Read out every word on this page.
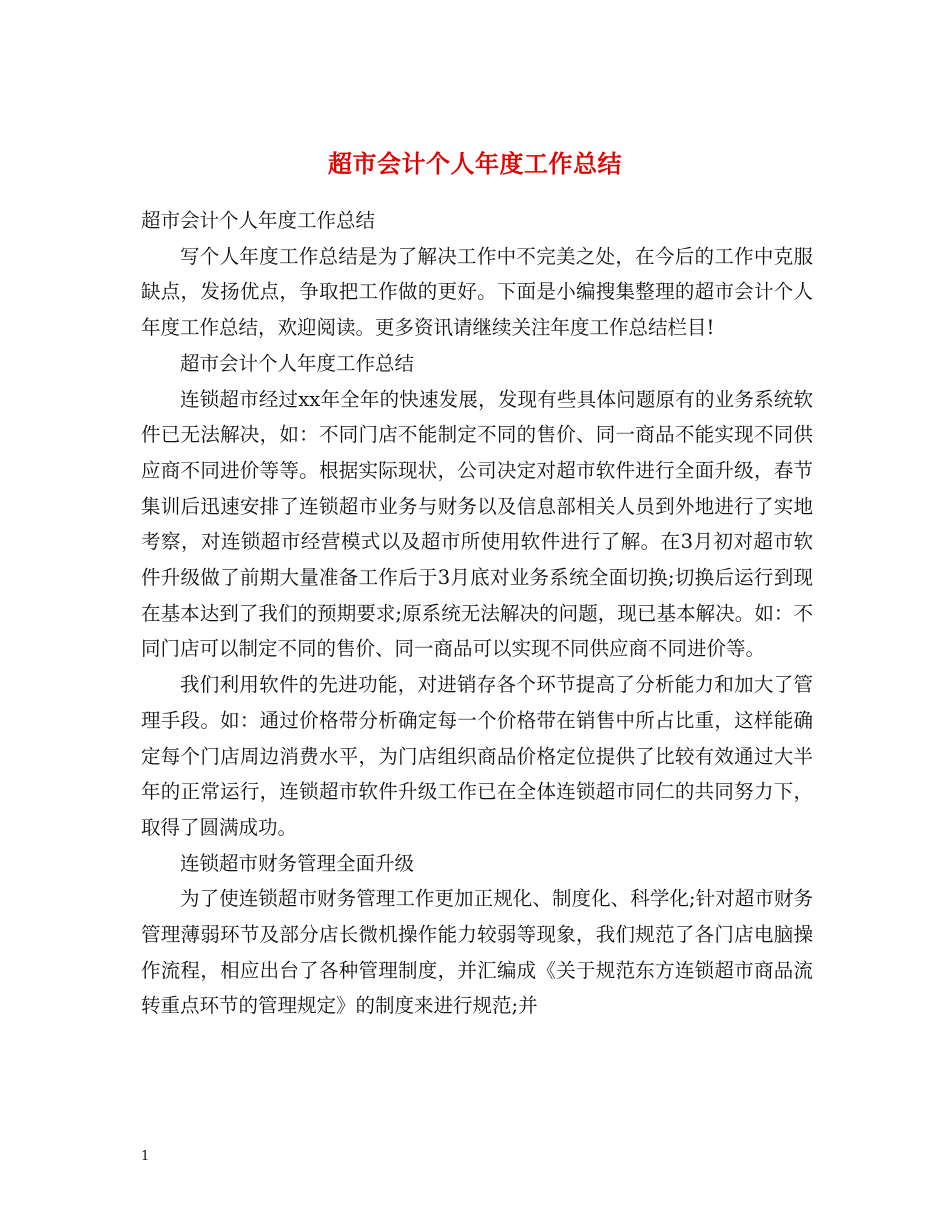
超市会计个人年度工作总结

超市会计个人年度工作总结

写个人年度工作总结是为了解决工作中不完美之处，在今后的工作中克服缺点，发扬优点，争取把工作做的更好。下面是小编搜集整理的超市会计个人年度工作总结，欢迎阅读。更多资讯请继续关注年度工作总结栏目!

超市会计个人年度工作总结

连锁超市经过xx年全年的快速发展，发现有些具体问题原有的业务系统软件已无法解决，如：不同门店不能制定不同的售价、同一商品不能实现不同供应商不同进价等等。根据实际现状，公司决定对超市软件进行全面升级，春节集训后迅速安排了连锁超市业务与财务以及信息部相关人员到外地进行了实地考察，对连锁超市经营模式以及超市所使用软件进行了解。在3月初对超市软件升级做了前期大量准备工作后于3月底对业务系统全面切换;切换后运行到现在基本达到了我们的预期要求;原系统无法解决的问题，现已基本解决。如：不同门店可以制定不同的售价、同一商品可以实现不同供应商不同进价等。

我们利用软件的先进功能，对进销存各个环节提高了分析能力和加大了管理手段。如：通过价格带分析确定每一个价格带在销售中所占比重，这样能确定每个门店周边消费水平，为门店组织商品价格定位提供了比较有效通过大半年的正常运行，连锁超市软件升级工作已在全体连锁超市同仁的共同努力下，取得了圆满成功。

连锁超市财务管理全面升级

为了使连锁超市财务管理工作更加正规化、制度化、科学化;针对超市财务管理薄弱环节及部分店长微机操作能力较弱等现象，我们规范了各门店电脑操作流程，相应出台了各种管理制度，并汇编成《关于规范东方连锁超市商品流转重点环节的管理规定》的制度来进行规范;并

1
